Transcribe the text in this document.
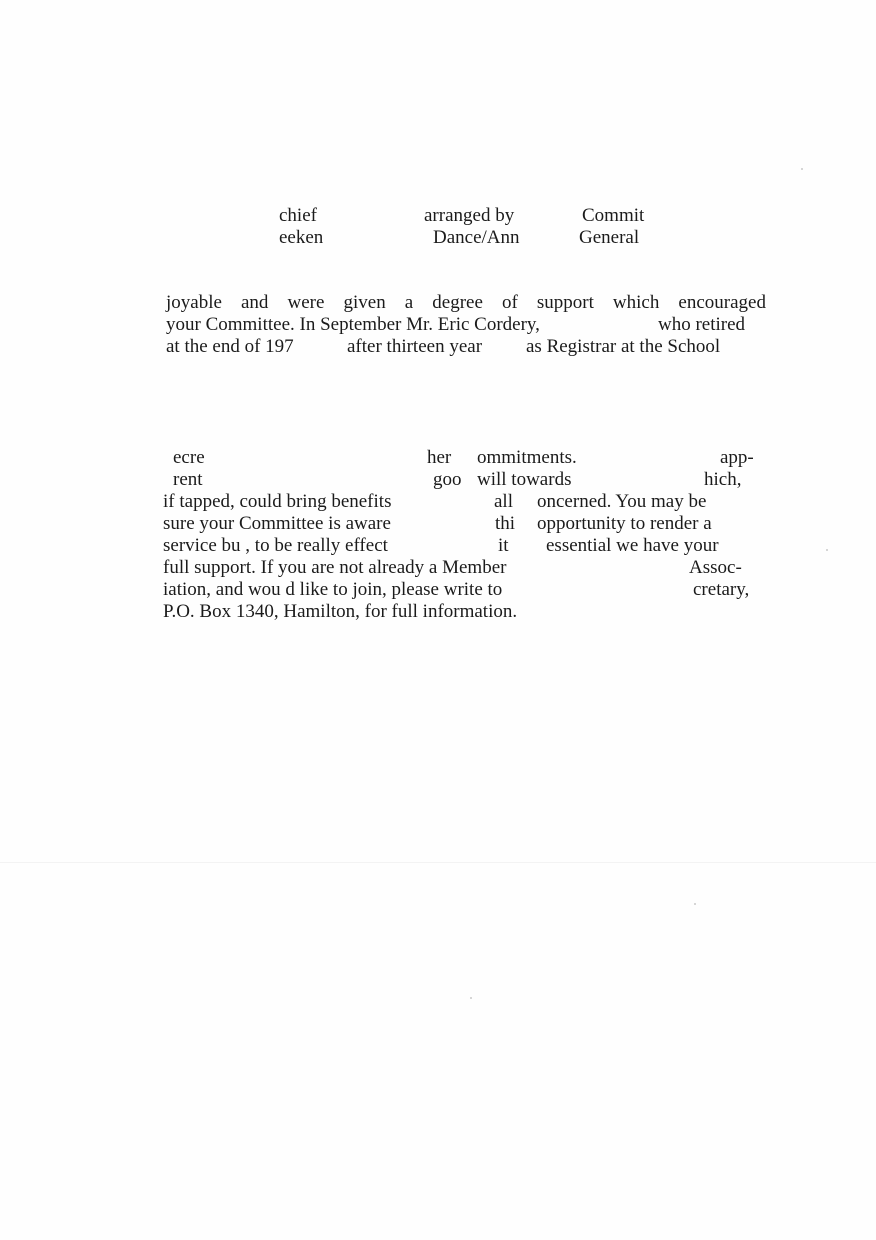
chief	arranged by	Commit
eeken	Dance/Ann	General
joyable and were given a degree of support which encouraged
your Committee. In September Mr. Eric Cordery,	who retired
at the end of 197	after thirteen year as Registrar at the School
ecre	her ommitments.	app-
rent	goo will towards	hich,
if tapped, could bring benefits	all oncerned. You may be
sure your Committee is aware	thi opportunity to render a
service bu , to be really effect	it essential we have your
full support. If you are not already a Member	Assoc-
iation, and wou d like to join, please write to	cretary,
P.O. Box 1340, Hamilton, for full information.
